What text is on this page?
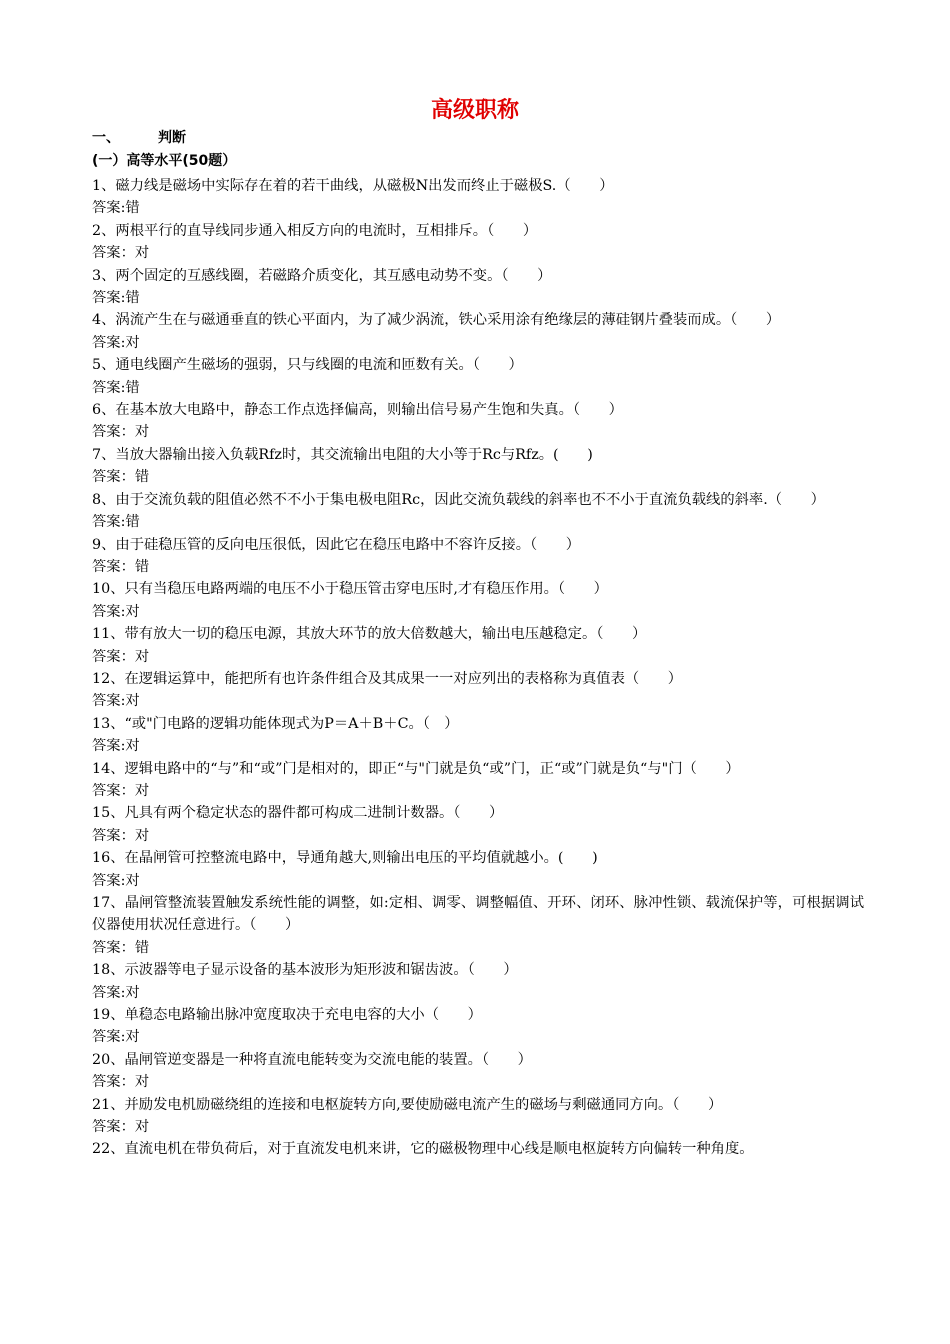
高级职称
一、	判断
(一）高等水平(50题）

1、磁力线是磁场中实际存在着的若干曲线，从磁极N出发而终止于磁极S.（　　）

答案:错

2、两根平行的直导线同步通入相反方向的电流时，互相排斥。（　　）

答案：对

3、两个固定的互感线圈，若磁路介质变化，其互感电动势不变。（　　）

答案:错

4、涡流产生在与磁通垂直的铁心平面内，为了减少涡流，铁心采用涂有绝缘层的薄硅钢片叠装而成。（　　）

答案:对

5、通电线圈产生磁场的强弱，只与线圈的电流和匝数有关。（　　）

答案:错

6、在基本放大电路中，静态工作点选择偏高，则输出信号易产生饱和失真。（　　）

答案：对

7、当放大器输出接入负载Rfz时，其交流输出电阻的大小等于Rc与Rfz。(　　)

答案：错

8、由于交流负载的阻值必然不不小于集电极电阻Rc，因此交流负载线的斜率也不不小于直流负载线的斜率.（　　）

答案:错

9、由于硅稳压管的反向电压很低，因此它在稳压电路中不容许反接。（　　）

答案：错

10、只有当稳压电路两端的电压不小于稳压管击穿电压时,才有稳压作用。（　　）

答案:对

11、带有放大一切的稳压电源，其放大环节的放大倍数越大，输出电压越稳定。（　　）

答案：对

12、在逻辑运算中，能把所有也许条件组合及其成果一一对应列出的表格称为真值表（　　）

答案:对

13、“或"门电路的逻辑功能体现式为P＝A＋B＋C。（　）

答案:对

14、逻辑电路中的“与”和“或”门是相对的，即正“与"门就是负“或”门，正“或”门就是负“与"门（　　）

答案：对

15、凡具有两个稳定状态的器件都可构成二进制计数器。（　　）

答案：对

16、在晶闸管可控整流电路中，导通角越大,则输出电压的平均值就越小。(　　)

答案:对

17、晶闸管整流装置触发系统性能的调整，如:定相、调零、调整幅值、开环、闭环、脉冲性锁、载流保护等，可根据调试仪器使用状况任意进行。（　　）

答案：错

18、示波器等电子显示设备的基本波形为矩形波和锯齿波。（　　）

答案:对

19、单稳态电路输出脉冲宽度取决于充电电容的大小（　　）

答案:对

20、晶闸管逆变器是一种将直流电能转变为交流电能的装置。（　　）

答案：对

21、并励发电机励磁绕组的连接和电枢旋转方向,要使励磁电流产生的磁场与剩磁通同方向。（　　）

答案：对

22、直流电机在带负荷后，对于直流发电机来讲，它的磁极物理中心线是顺电枢旋转方向偏转一种角度。
